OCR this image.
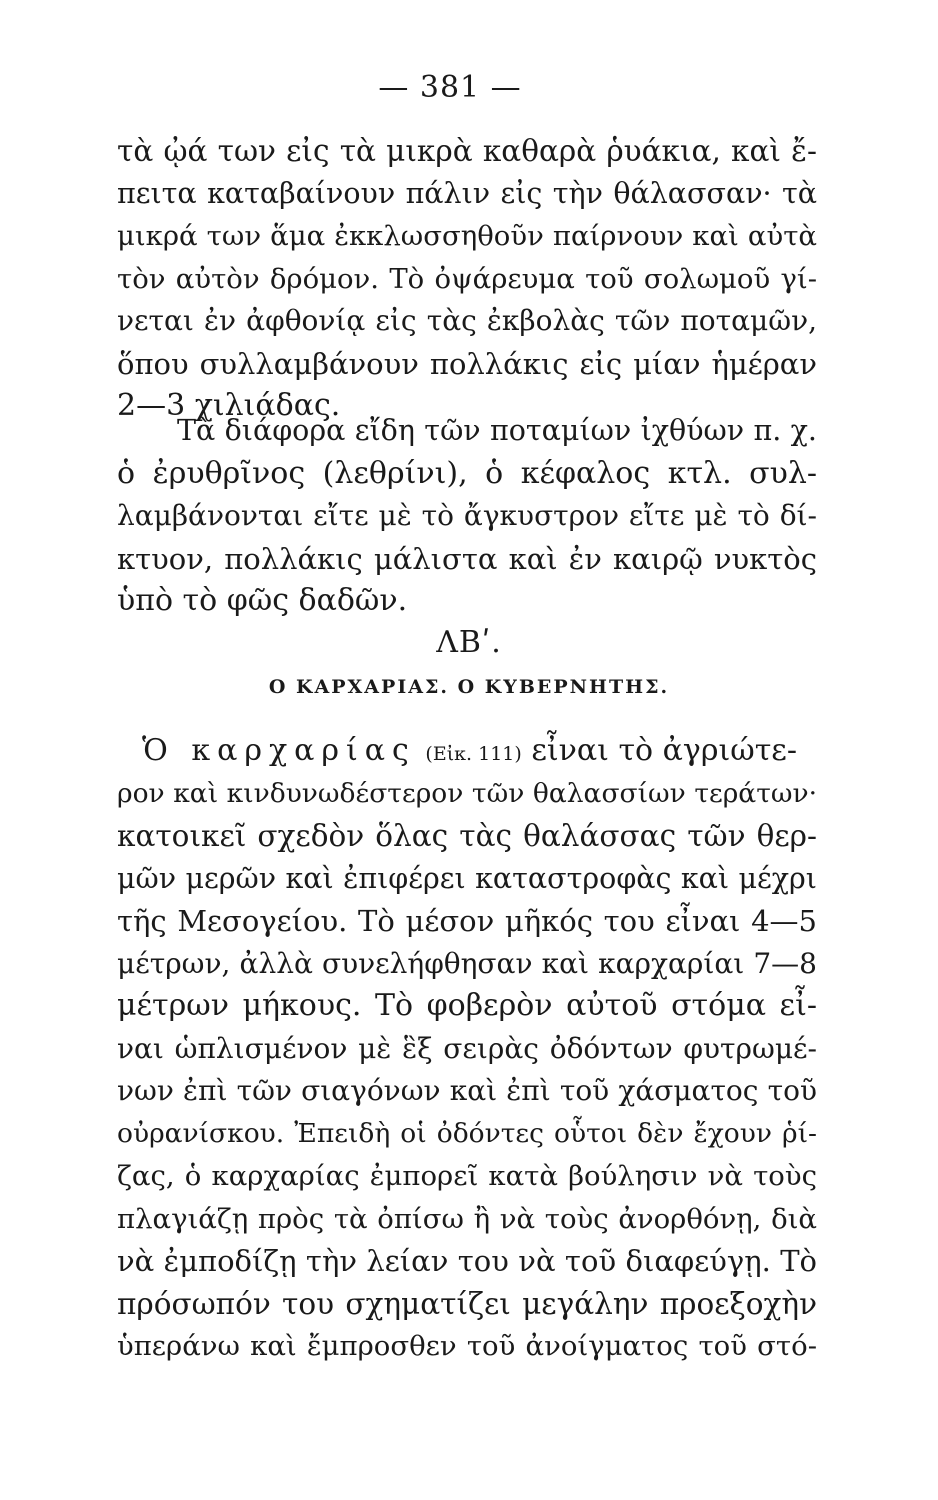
— 381 —
τὰ ᾠά των εἰς τὰ μικρὰ καθαρὰ ῥυάκια, καὶ ἔ-
πειτα καταβαίνουν πάλιν εἰς τὴν θάλασσαν· τὰ
μικρά των ἅμα ἐκκλωσσηθοῦν παίρνουν καὶ αὐτὰ
τὸν αὐτὸν δρόμον. Τὸ ὀψάρευμα τοῦ σολωμοῦ γί-
νεται ἐν ἀφθονίᾳ εἰς τὰς ἐκβολὰς τῶν ποταμῶν,
ὅπου συλλαμβάνουν πολλάκις εἰς μίαν ἡμέραν
2—3 χιλιάδας.
Τὰ διάφορα εἴδη τῶν ποταμίων ἰχθύων π. χ.
ὁ ἐρυθρῖνος (λεθρίνι), ὁ κέφαλος κτλ. συλ-
λαμβάνονται εἴτε μὲ τὸ ἄγκυστρον εἴτε μὲ τὸ δί-
κτυον, πολλάκις μάλιστα καὶ ἐν καιρῷ νυκτὸς
ὑπὸ τὸ φῶς δαδῶν.
ΛΒʹ.
Ο ΚΑΡΧΑΡΙΑΣ. Ο ΚΥΒΕΡΝΗΤΗΣ.
Ὁ καρχαρίας (Εἰκ. 111) εἶναι τὸ ἀγριώτε-
ρον καὶ κινδυνωδέστερον τῶν θαλασσίων τεράτων·
κατοικεῖ σχεδὸν ὅλας τὰς θαλάσσας τῶν θερ-
μῶν μερῶν καὶ ἐπιφέρει καταστροφὰς καὶ μέχρι
τῆς Μεσογείου. Τὸ μέσον μῆκός του εἶναι 4—5
μέτρων, ἀλλὰ συνελήφθησαν καὶ καρχαρίαι 7—8
μέτρων μήκους. Τὸ φοβερὸν αὐτοῦ στόμα εἶ-
ναι ὡπλισμένον μὲ ἓξ σειρὰς ὀδόντων φυτρωμέ-
νων ἐπὶ τῶν σιαγόνων καὶ ἐπὶ τοῦ χάσματος τοῦ
οὐρανίσκου. Ἐπειδὴ οἱ ὀδόντες οὗτοι δὲν ἔχουν ῥί-
ζας, ὁ καρχαρίας ἐμπορεῖ κατὰ βούλησιν νὰ τοὺς
πλαγιάζῃ πρὸς τὰ ὀπίσω ἢ νὰ τοὺς ἀνορθόνῃ, διὰ
νὰ ἐμποδίζῃ τὴν λείαν του νὰ τοῦ διαφεύγῃ. Τὸ
πρόσωπόν του σχηματίζει μεγάλην προεξοχὴν
ὑπεράνω καὶ ἔμπροσθεν τοῦ ἀνοίγματος τοῦ στό-
